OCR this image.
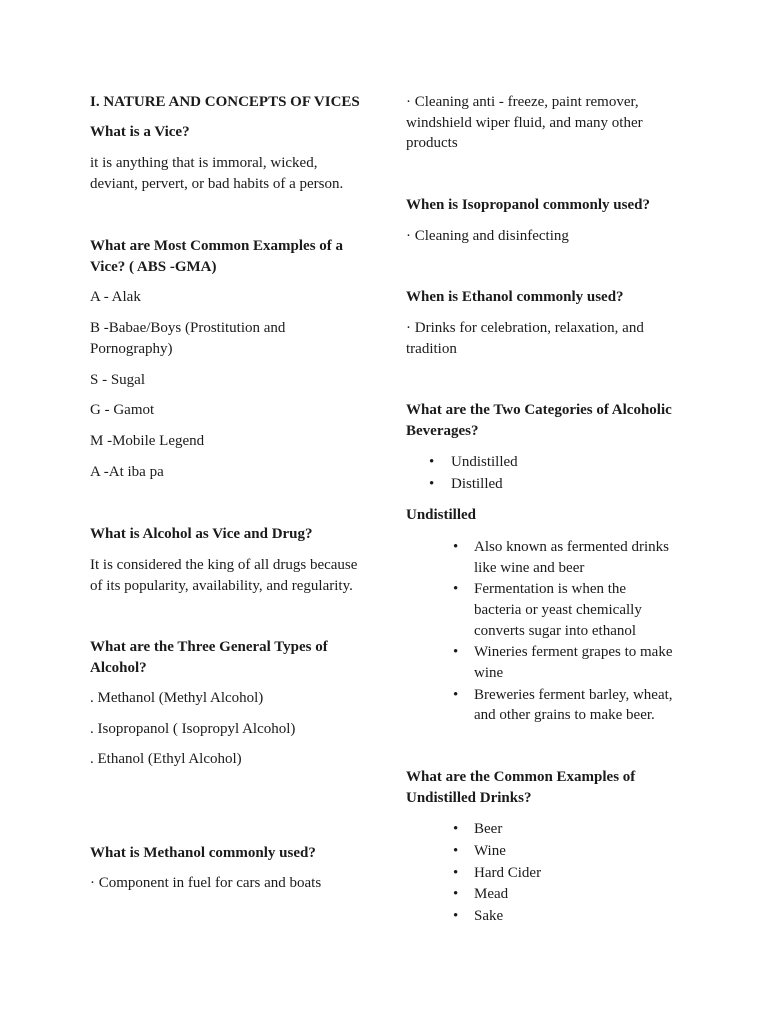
I. NATURE AND CONCEPTS OF VICES

What is a Vice?

it is anything that is immoral, wicked,
deviant, pervert, or bad habits of a person.

What are Most Common Examples of a
Vice? ( ABS -GMA)

A - Alak

B -Babae/Boys (Prostitution and
Pornography)

S - Sugal

G - Gamot

M -Mobile Legend

A -At iba pa

What is Alcohol as Vice and Drug?

It is considered the king of all drugs because
of its popularity, availability, and regularity.

What are the Three General Types of
Alcohol?

. Methanol (Methyl Alcohol)

. Isopropanol ( Isopropyl Alcohol)

. Ethanol (Ethyl Alcohol)

What is Methanol commonly used?

· Component in fuel for cars and boats

· Cleaning anti - freeze, paint remover,
windshield wiper fluid, and many other
products

When is Isopropanol commonly used?

· Cleaning and disinfecting

When is Ethanol commonly used?

· Drinks for celebration, relaxation, and
tradition

What are the Two Categories of Alcoholic
Beverages?

• Undistilled
• Distilled

Undistilled

• Also known as fermented drinks
like wine and beer
• Fermentation is when the
bacteria or yeast chemically
converts sugar into ethanol
• Wineries ferment grapes to make
wine
• Breweries ferment barley, wheat,
and other grains to make beer.

What are the Common Examples of
Undistilled Drinks?

• Beer
• Wine
• Hard Cider
• Mead
• Sake
